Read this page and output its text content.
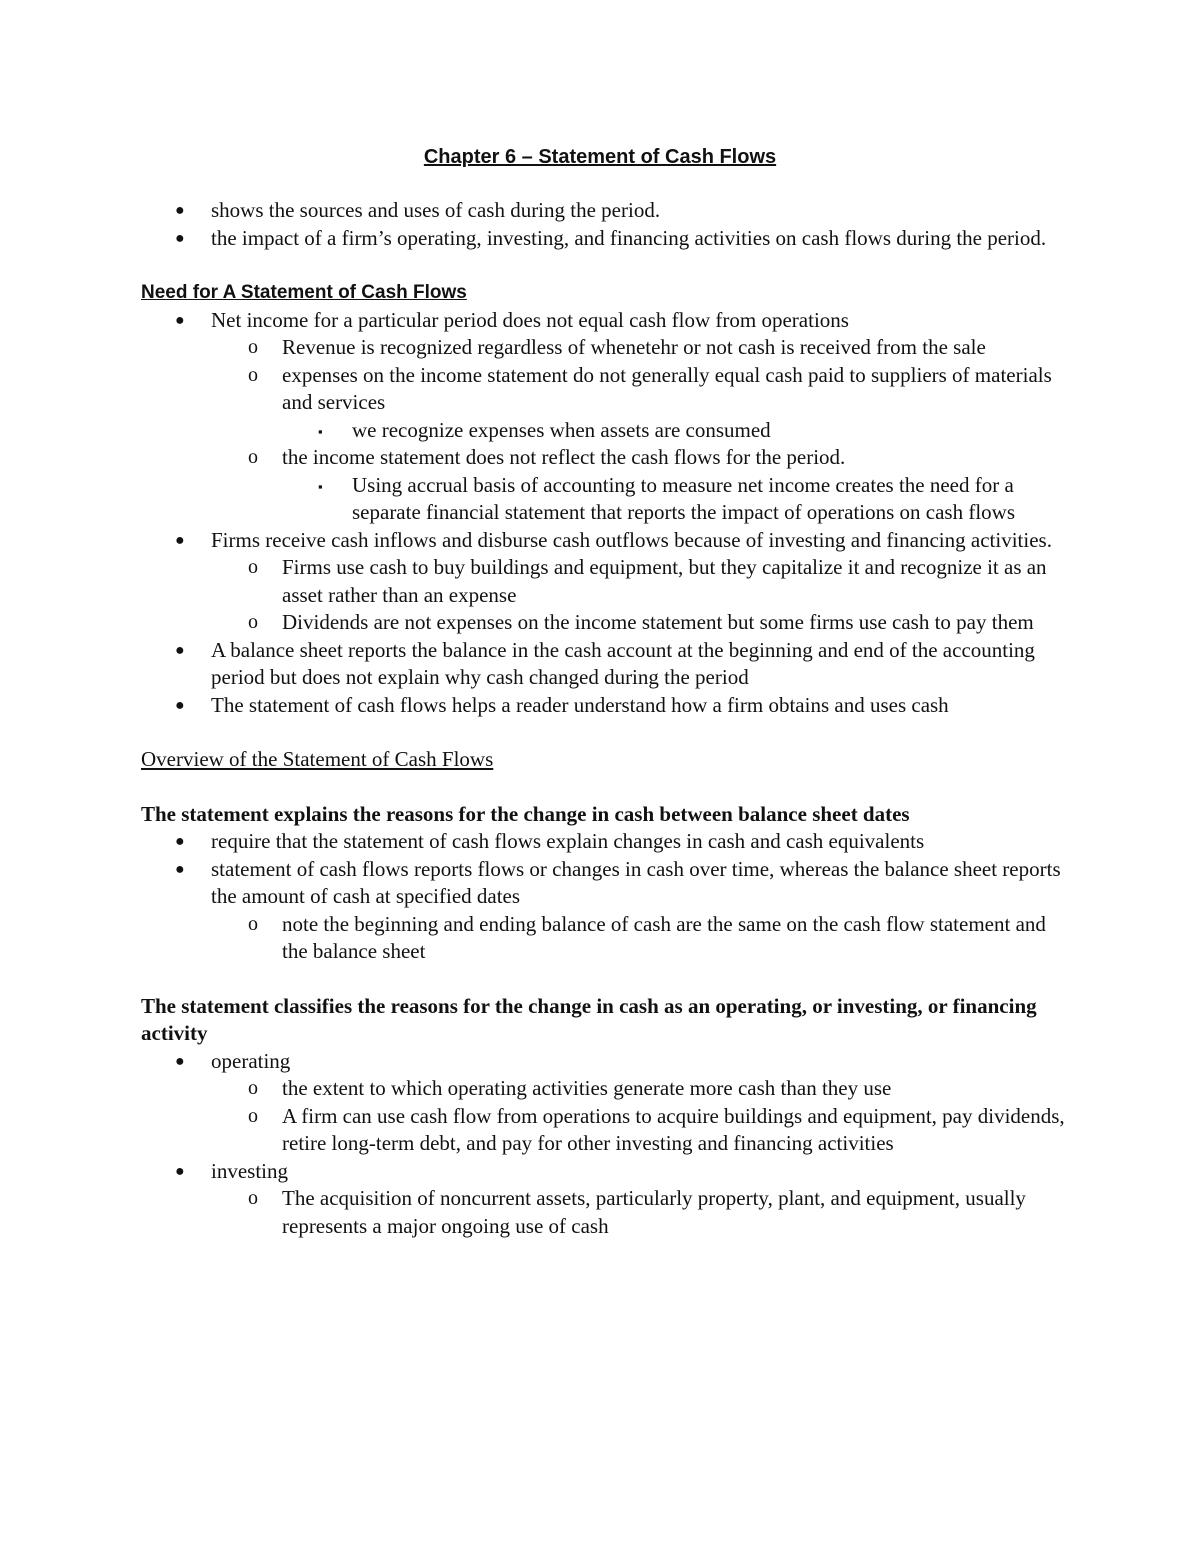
Chapter 6 – Statement of Cash Flows
● shows the sources and uses of cash during the period.
● the impact of a firm’s operating, investing, and financing activities on cash flows during the period.
Need for A Statement of Cash Flows
● Net income for a particular period does not equal cash flow from operations
o Revenue is recognized regardless of whenetehr or not cash is received from the sale
o expenses on the income statement do not generally equal cash paid to suppliers of materials and services
▪ we recognize expenses when assets are consumed
o the income statement does not reflect the cash flows for the period.
▪ Using accrual basis of accounting to measure net income creates the need for a separate financial statement that reports the impact of operations on cash flows
● Firms receive cash inflows and disburse cash outflows because of investing and financing activities.
o Firms use cash to buy buildings and equipment, but they capitalize it and recognize it as an asset rather than an expense
o Dividends are not expenses on the income statement but some firms use cash to pay them
● A balance sheet reports the balance in the cash account at the beginning and end of the accounting period but does not explain why cash changed during the period
● The statement of cash flows helps a reader understand how a firm obtains and uses cash
Overview of the Statement of Cash Flows
The statement explains the reasons for the change in cash between balance sheet dates
● require that the statement of cash flows explain changes in cash and cash equivalents
● statement of cash flows reports flows or changes in cash over time, whereas the balance sheet reports the amount of cash at specified dates
o note the beginning and ending balance of cash are the same on the cash flow statement and the balance sheet
The statement classifies the reasons for the change in cash as an operating, or investing, or financing activity
● operating
o the extent to which operating activities generate more cash than they use
o A firm can use cash flow from operations to acquire buildings and equipment, pay dividends, retire long-term debt, and pay for other investing and financing activities
● investing
o The acquisition of noncurrent assets, particularly property, plant, and equipment, usually represents a major ongoing use of cash
